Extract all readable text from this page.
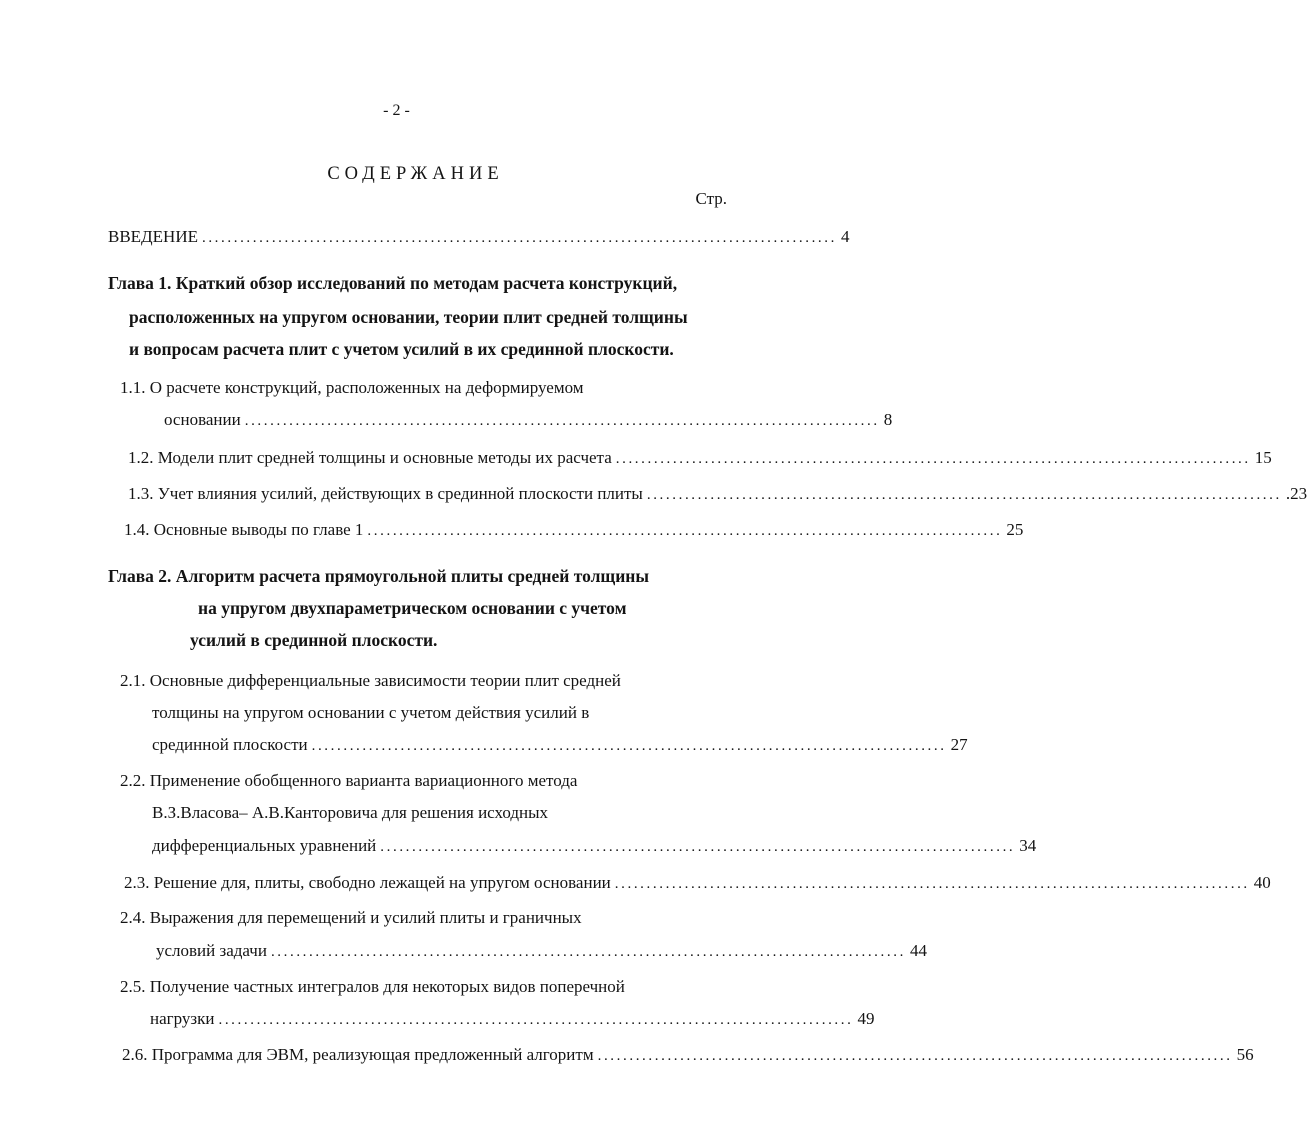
- 2 -
СОДЕРЖАНИЕ
Стр.
ВВЕДЕНИЕ .................................................................................................... 4
Глава 1. Краткий обзор исследований по методам расчета конструкций,
расположенных на упругом основании, теории плит средней толщины
и вопросам расчета плит с учетом усилий в их срединной плоскости.
1.1. О расчете конструкций, расположенных на деформируемом
основании .................................................................................................... 8
1.2. Модели плит средней толщины и основные методы их расчета .................................................................................................... 15
1.3. Учет влияния усилий, действующих в срединной плоскости плиты .................................................................................................... .23
1.4. Основные выводы по главе 1 .................................................................................................... 25
Глава 2. Алгоритм расчета прямоугольной плиты средней толщины
на упругом двухпараметрическом основании с учетом
усилий в срединной плоскости.
2.1. Основные дифференциальные зависимости теории плит средней
толщины на упругом основании с учетом действия усилий в
срединной плоскости .................................................................................................... 27
2.2. Применение обобщенного варианта вариационного метода
В.З.Власова– А.В.Канторовича для решения исходных
дифференциальных уравнений .................................................................................................... 34
2.3. Решение для, плиты, свободно лежащей на упругом основании .................................................................................................... 40
2.4. Выражения для перемещений и усилий плиты и граничных
условий задачи .................................................................................................... 44
2.5. Получение частных интегралов для некоторых видов поперечной
нагрузки .................................................................................................... 49
2.6. Программа для ЭВМ, реализующая предложенный алгоритм .................................................................................................... 56
